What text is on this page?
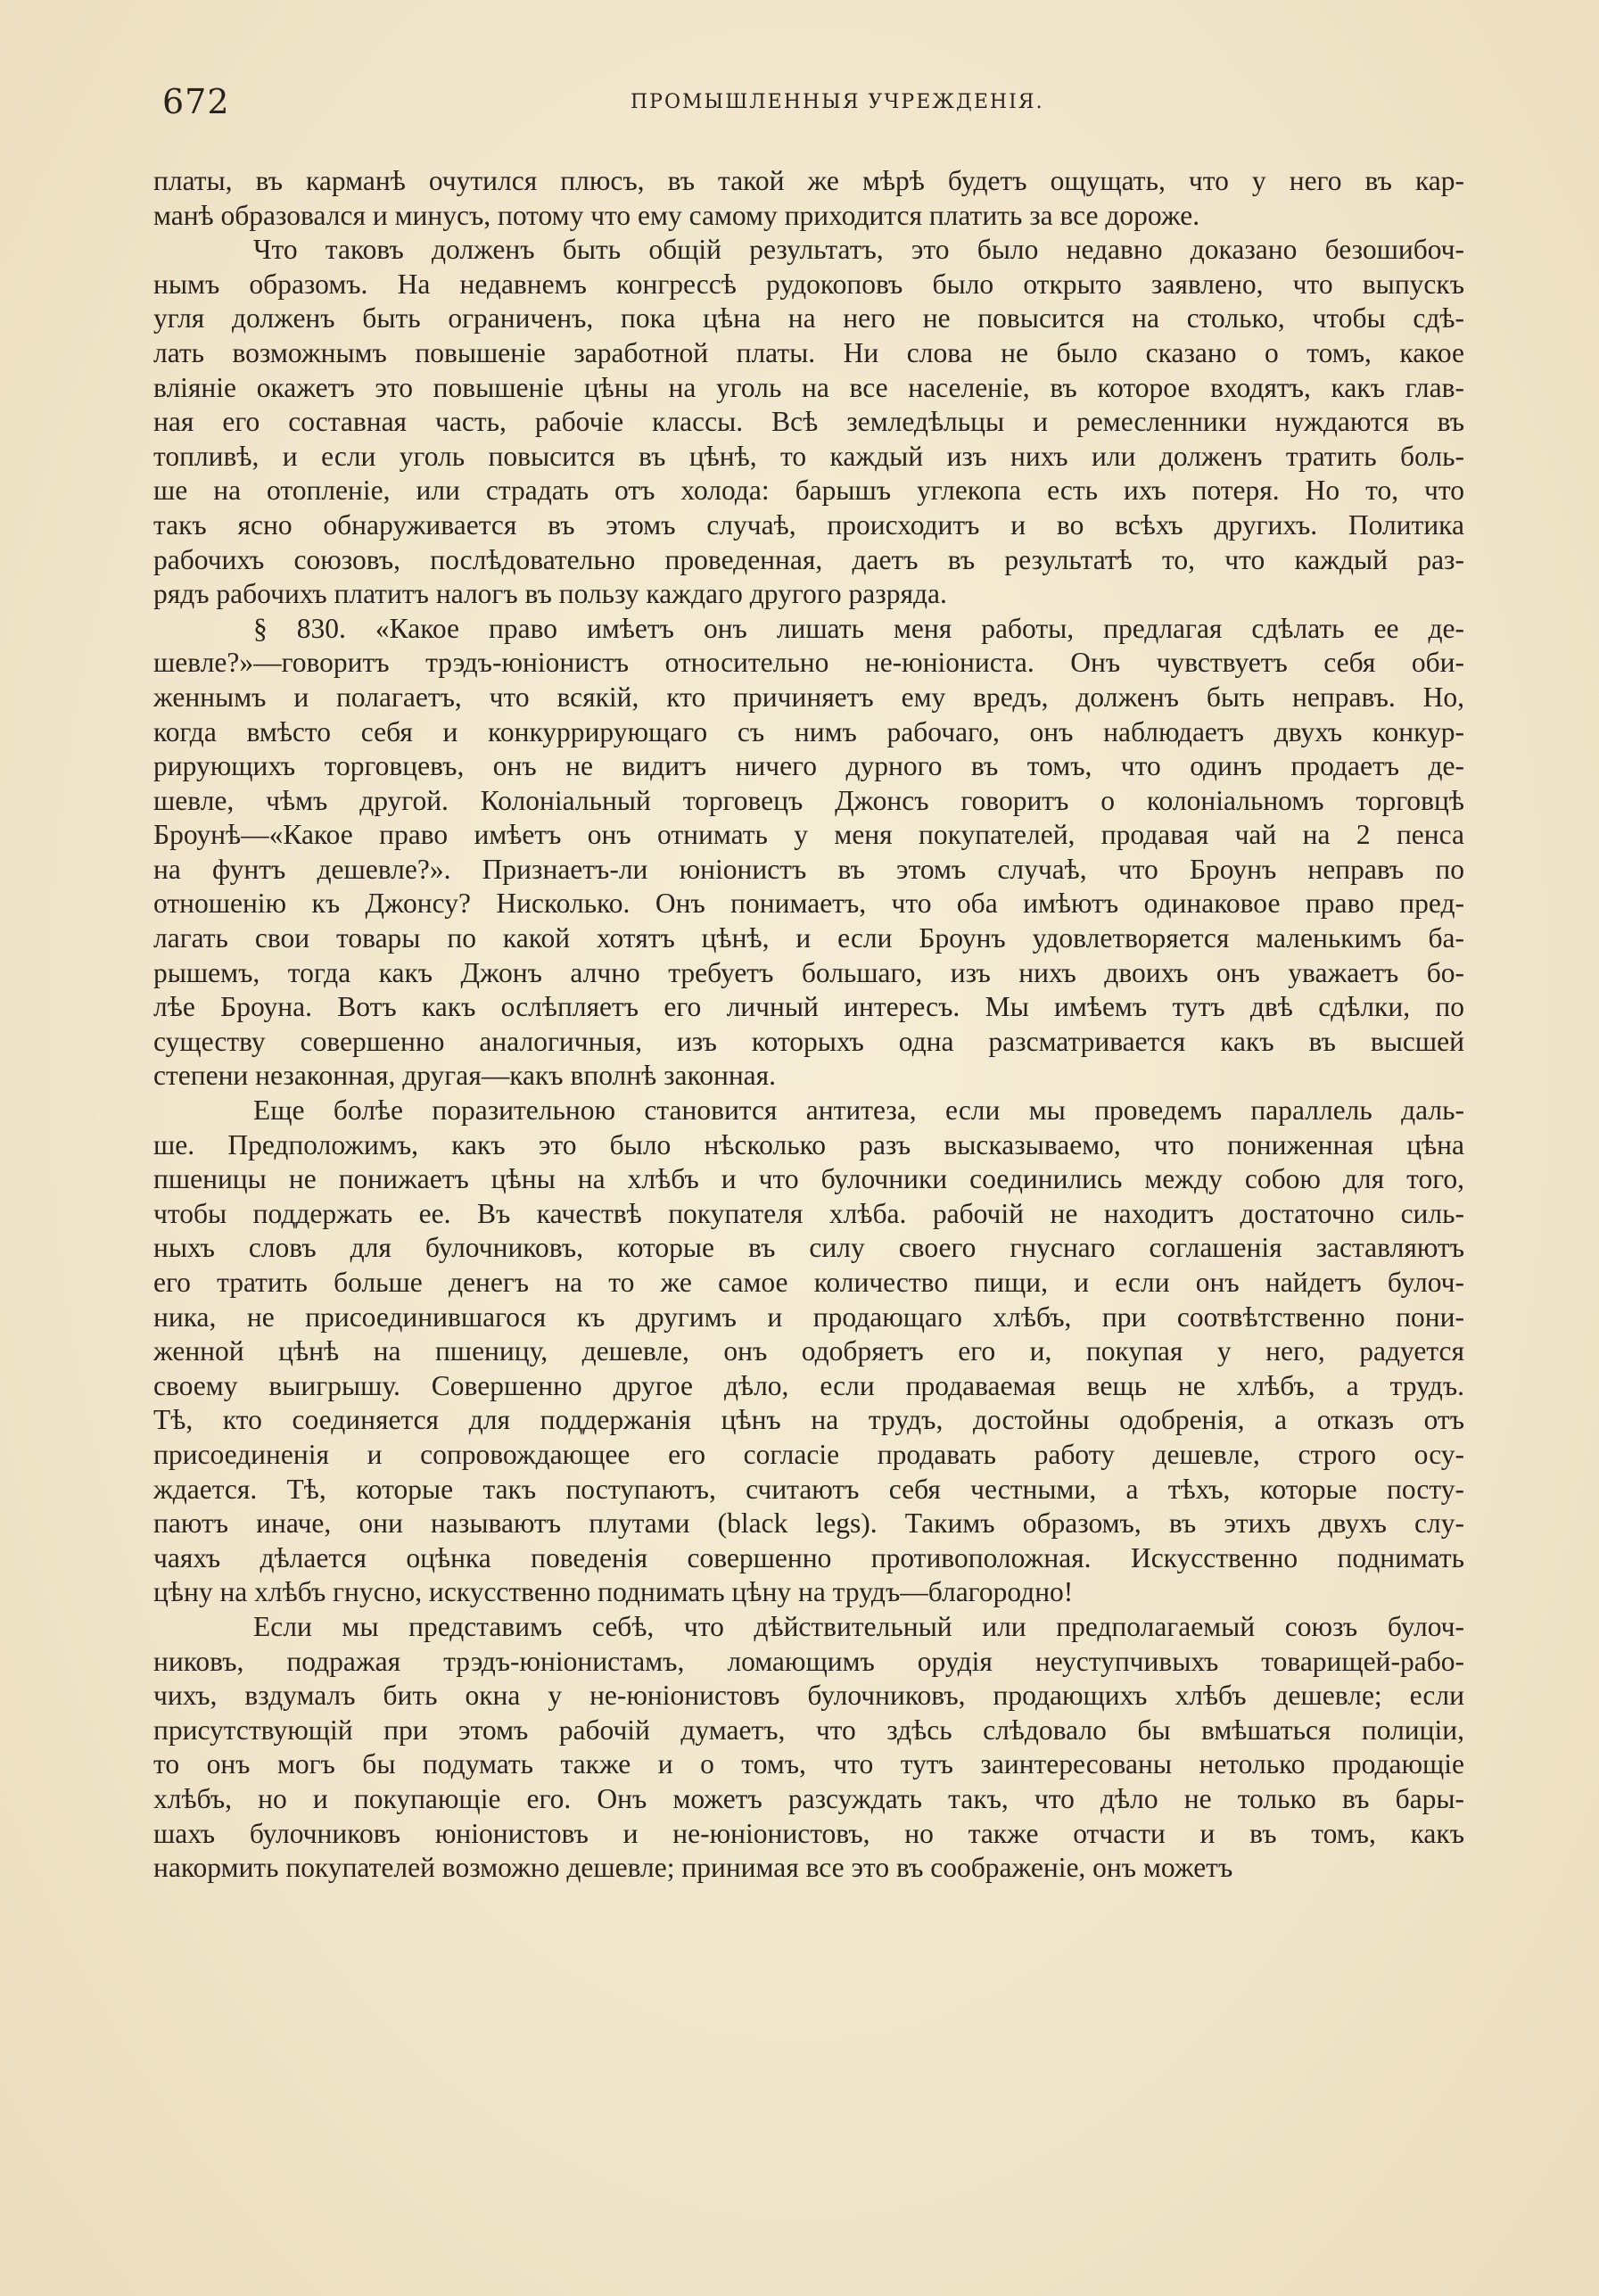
672	ПРОМЫШЛЕННЫЯ УЧРЕЖДЕНІЯ.
платы, въ карманѣ очутился плюсъ, въ такой же мѣрѣ будетъ ощущать, что у него въ кар-
манѣ образовался и минусъ, потому что ему самому приходится платить за все дороже.
Что таковъ долженъ быть общій результатъ, это было недавно доказано безошибоч-
нымъ образомъ. На недавнемъ конгрессѣ рудокоповъ было открыто заявлено, что выпускъ
угля долженъ быть ограниченъ, пока цѣна на него не повысится на столько, чтобы сдѣ-
лать возможнымъ повышеніе заработной платы. Ни слова не было сказано о томъ, какое
вліяніе окажетъ это повышеніе цѣны на уголь на все населеніе, въ которое входятъ, какъ глав-
ная его составная часть, рабочіе классы. Всѣ земледѣльцы и ремесленники нуждаются въ
топливѣ, и если уголь повысится въ цѣнѣ, то каждый изъ нихъ или долженъ тратить боль-
ше на отопленіе, или страдать отъ холода: барышъ углекопа есть ихъ потеря. Но то, что
такъ ясно обнаруживается въ этомъ случаѣ, происходитъ и во всѣхъ другихъ. Политика
рабочихъ союзовъ, послѣдовательно проведенная, даетъ въ результатѣ то, что каждый раз-
рядъ рабочихъ платитъ налогъ въ пользу каждаго другого разряда.
§ 830. «Какое право имѣетъ онъ лишать меня работы, предлагая сдѣлать ее де-
шевле?»—говоритъ трэдъ-юніонистъ относительно не-юніониста. Онъ чувствуетъ себя оби-
женнымъ и полагаетъ, что всякій, кто причиняетъ ему вредъ, долженъ быть неправъ. Но,
когда вмѣсто себя и конкуррирующаго съ нимъ рабочаго, онъ наблюдаетъ двухъ конкур-
рирующихъ торговцевъ, онъ не видитъ ничего дурного въ томъ, что одинъ продаетъ де-
шевле, чѣмъ другой. Колоніальный торговецъ Джонсъ говоритъ о колоніальномъ торговцѣ
Броунѣ—«Какое право имѣетъ онъ отнимать у меня покупателей, продавая чай на 2 пенса
на фунтъ дешевле?». Признаетъ-ли юніонистъ въ этомъ случаѣ, что Броунъ неправъ по
отношенію къ Джонсу? Нисколько. Онъ понимаетъ, что оба имѣютъ одинаковое право пред-
лагать свои товары по какой хотятъ цѣнѣ, и если Броунъ удовлетворяется маленькимъ ба-
рышемъ, тогда какъ Джонъ алчно требуетъ большаго, изъ нихъ двоихъ онъ уважаетъ бо-
лѣе Броуна. Вотъ какъ ослѣпляетъ его личный интересъ. Мы имѣемъ тутъ двѣ сдѣлки, по
существу совершенно аналогичныя, изъ которыхъ одна разсматривается какъ въ высшей
степени незаконная, другая—какъ вполнѣ законная.
Еще болѣе поразительною становится антитеза, если мы проведемъ параллель даль-
ше. Предположимъ, какъ это было нѣсколько разъ высказываемо, что пониженная цѣна
пшеницы не понижаетъ цѣны на хлѣбъ и что булочники соединились между собою для того,
чтобы поддержать ее. Въ качествѣ покупателя хлѣба. рабочій не находитъ достаточно силь-
ныхъ словъ для булочниковъ, которые въ силу своего гнуснаго соглашенія заставляютъ
его тратить больше денегъ на то же самое количество пищи, и если онъ найдетъ булоч-
ника, не присоединившагося къ другимъ и продающаго хлѣбъ, при соотвѣтственно пони-
женной цѣнѣ на пшеницу, дешевле, онъ одобряетъ его и, покупая у него, радуется
своему выигрышу. Совершенно другое дѣло, если продаваемая вещь не хлѣбъ, а трудъ.
Тѣ, кто соединяется для поддержанія цѣнъ на трудъ, достойны одобренія, а отказъ отъ
присоединенія и сопровождающее его согласіе продавать работу дешевле, строго осу-
ждается. Тѣ, которые такъ поступаютъ, считаютъ себя честными, а тѣхъ, которые посту-
паютъ иначе, они называютъ плутами (black legs). Такимъ образомъ, въ этихъ двухъ слу-
чаяхъ дѣлается оцѣнка поведенія совершенно противоположная. Искусственно поднимать
цѣну на хлѣбъ гнусно, искусственно поднимать цѣну на трудъ—благородно!
Если мы представимъ себѣ, что дѣйствительный или предполагаемый союзъ булоч-
никовъ, подражая трэдъ-юніонистамъ, ломающимъ орудія неуступчивыхъ товарищей-рабо-
чихъ, вздумалъ бить окна у не-юніонистовъ булочниковъ, продающихъ хлѣбъ дешевле; если
присутствующій при этомъ рабочій думаетъ, что здѣсь слѣдовало бы вмѣшаться полиціи,
то онъ могъ бы подумать также и о томъ, что тутъ заинтересованы нетолько продающіе
хлѣбъ, но и покупающіе его. Онъ можетъ разсуждать такъ, что дѣло не только въ бары-
шахъ булочниковъ юніонистовъ и не-юніонистовъ, но также отчасти и въ томъ, какъ
накормить покупателей возможно дешевле; принимая все это въ соображеніе, онъ можетъ
